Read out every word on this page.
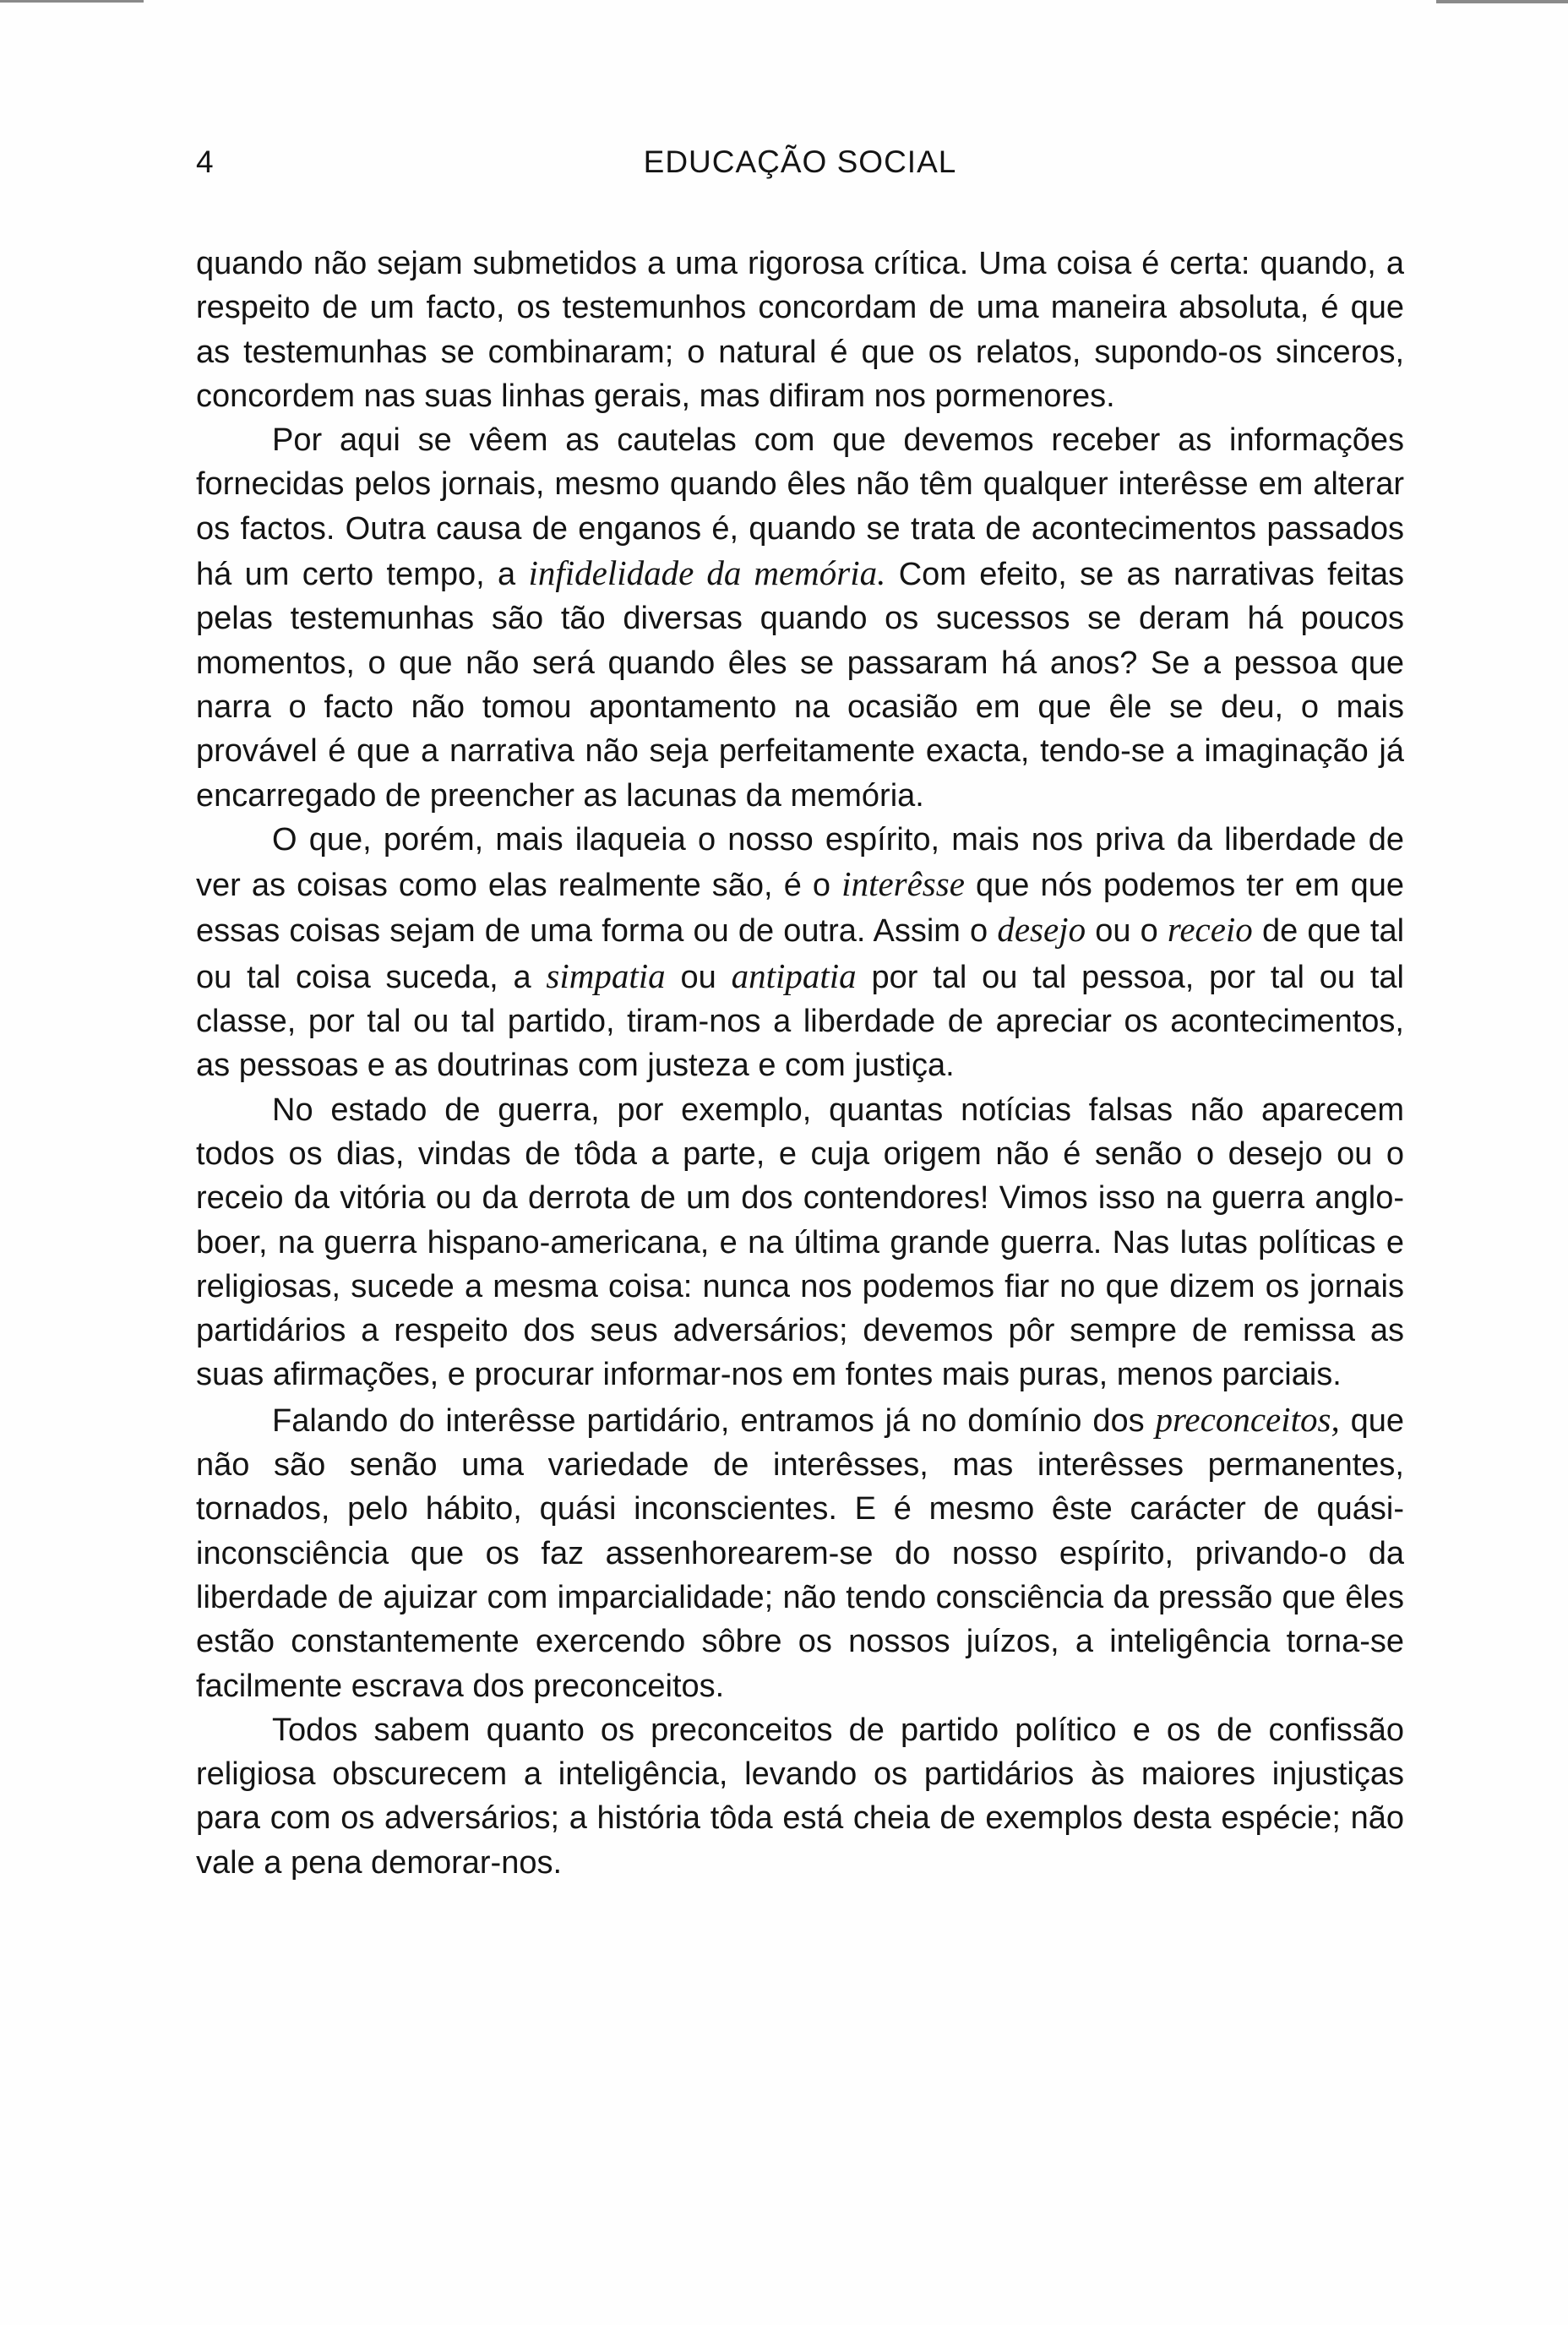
4	EDUCAÇÃO SOCIAL

quando não sejam submetidos a uma rigorosa crítica. Uma coisa é certa: quando, a respeito de um facto, os testemunhos concordam de uma maneira absoluta, é que as testemunhas se combinaram; o natural é que os relatos, supondo-os sinceros, concordem nas suas linhas gerais, mas difiram nos pormenores.

Por aqui se vêem as cautelas com que devemos receber as informações fornecidas pelos jornais, mesmo quando êles não têm qualquer interêsse em alterar os factos. Outra causa de enganos é, quando se trata de acontecimentos passados há um certo tempo, a infidelidade da memória. Com efeito, se as narrativas feitas pelas testemunhas são tão diversas quando os sucessos se deram há poucos momentos, o que não será quando êles se passaram há anos? Se a pessoa que narra o facto não tomou apontamento na ocasião em que êle se deu, o mais provável é que a narrativa não seja perfeitamente exacta, tendo-se a imaginação já encarregado de preencher as lacunas da memória.

O que, porém, mais ilaqueia o nosso espírito, mais nos priva da liberdade de ver as coisas como elas realmente são, é o interêsse que nós podemos ter em que essas coisas sejam de uma forma ou de outra. Assim o desejo ou o receio de que tal ou tal coisa suceda, a simpatia ou antipatia por tal ou tal pessoa, por tal ou tal classe, por tal ou tal partido, tiram-nos a liberdade de apreciar os acontecimentos, as pessoas e as doutrinas com justeza e com justiça.

No estado de guerra, por exemplo, quantas notícias falsas não aparecem todos os dias, vindas de tôda a parte, e cuja origem não é senão o desejo ou o receio da vitória ou da derrota de um dos contendores! Vimos isso na guerra anglo-boer, na guerra hispano-americana, e na última grande guerra. Nas lutas políticas e religiosas, sucede a mesma coisa: nunca nos podemos fiar no que dizem os jornais partidários a respeito dos seus adversários; devemos pôr sempre de remissa as suas afirmações, e procurar informar-nos em fontes mais puras, menos parciais.

Falando do interêsse partidário, entramos já no domínio dos preconceitos, que não são senão uma variedade de interêsses, mas interêsses permanentes, tornados, pelo hábito, quási inconscientes. E é mesmo êste carácter de quási-inconsciência que os faz assenhorearem-se do nosso espírito, privando-o da liberdade de ajuizar com imparcialidade; não tendo consciência da pressão que êles estão constantemente exercendo sôbre os nossos juízos, a inteligência torna-se facilmente escrava dos preconceitos.

Todos sabem quanto os preconceitos de partido político e os de confissão religiosa obscurecem a inteligência, levando os partidários às maiores injustiças para com os adversários; a história tôda está cheia de exemplos desta espécie; não vale a pena demorar-nos.
